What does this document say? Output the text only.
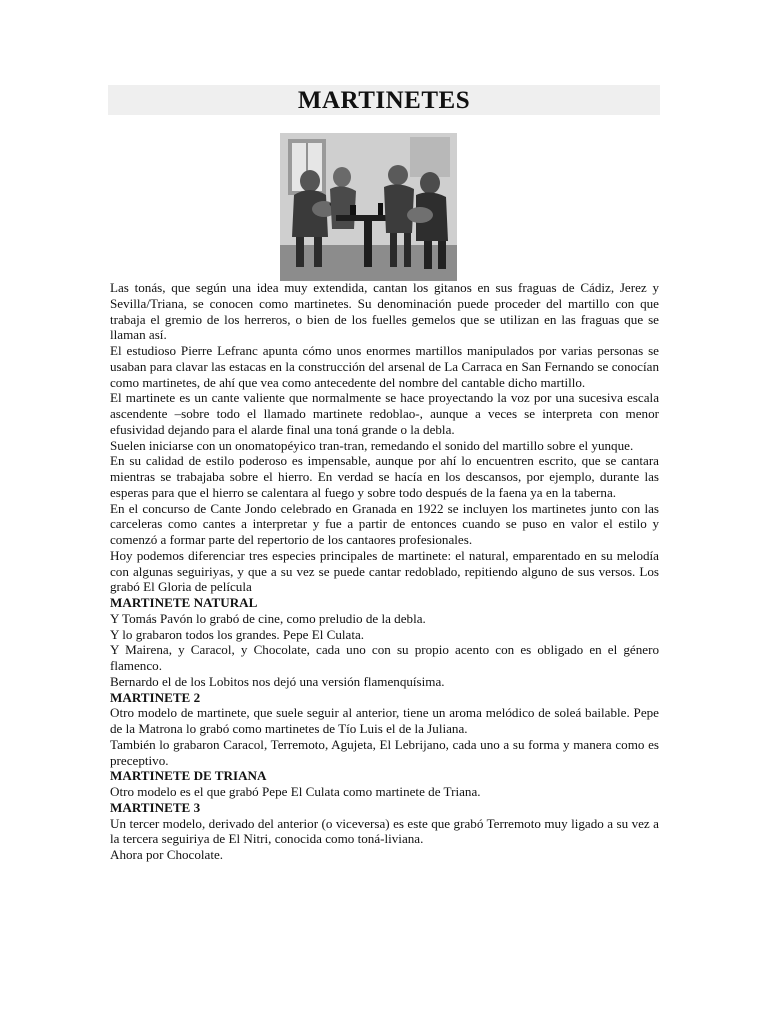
MARTINETES

Las tonás, que según una idea muy extendida, cantan los gitanos en sus fraguas de Cádiz, Jerez y Sevilla/Triana, se conocen como martinetes. Su denominación puede proceder del martillo con que trabaja el gremio de los herreros, o bien de los fuelles gemelos que se utilizan en las fraguas que se llaman así.

El estudioso Pierre Lefranc apunta cómo unos enormes martillos manipulados por varias personas se usaban para clavar las estacas en la construcción del arsenal de La Carraca en San Fernando se conocían como martinetes, de ahí que vea como antecedente del nombre del cantable dicho martillo.

El martinete es un cante valiente que normalmente se hace proyectando la voz por una sucesiva escala ascendente –sobre todo el llamado martinete redoblao-, aunque a veces se interpreta con menor efusividad dejando para el alarde final una toná grande o la debla.

Suelen iniciarse con un onomatopéyico tran-tran, remedando el sonido del martillo sobre el yunque.

En su calidad de estilo poderoso es impensable, aunque por ahí lo encuentren escrito, que se cantara mientras se trabajaba sobre el hierro. En verdad se hacía en los descansos, por ejemplo, durante las esperas para que el hierro se calentara al fuego y sobre todo después de la faena ya en la taberna.

En el concurso de Cante Jondo celebrado en Granada en 1922 se incluyen los martinetes junto con las carceleras como cantes a interpretar y fue a partir de entonces cuando se puso en valor el estilo y comenzó a formar parte del repertorio de los cantaores profesionales.

Hoy podemos diferenciar tres especies principales de martinete: el natural, emparentado en su melodía con algunas seguiriyas, y que a su vez se puede cantar redoblado, repitiendo alguno de sus versos. Los grabó El Gloria de película

MARTINETE NATURAL

Y Tomás Pavón lo grabó de cine, como preludio de la debla.

Y lo grabaron todos los grandes. Pepe El Culata.

Y Mairena, y Caracol, y Chocolate, cada uno con su propio acento con es obligado en el género flamenco.

Bernardo el de los Lobitos nos dejó una versión flamenquísima.

MARTINETE 2

Otro modelo de martinete, que suele seguir al anterior, tiene un aroma melódico de soleá bailable. Pepe de la Matrona lo grabó como martinetes de Tío Luis el de la Juliana.

También lo grabaron Caracol, Terremoto, Agujeta, El Lebrijano, cada uno a su forma y manera como es preceptivo.

MARTINETE DE TRIANA

Otro modelo es el que grabó Pepe El Culata como martinete de Triana.

MARTINETE 3

Un tercer modelo, derivado del anterior (o viceversa) es este que grabó Terremoto muy ligado a su vez a la tercera seguiriya de El Nitri, conocida como toná-liviana.

Ahora por Chocolate.
